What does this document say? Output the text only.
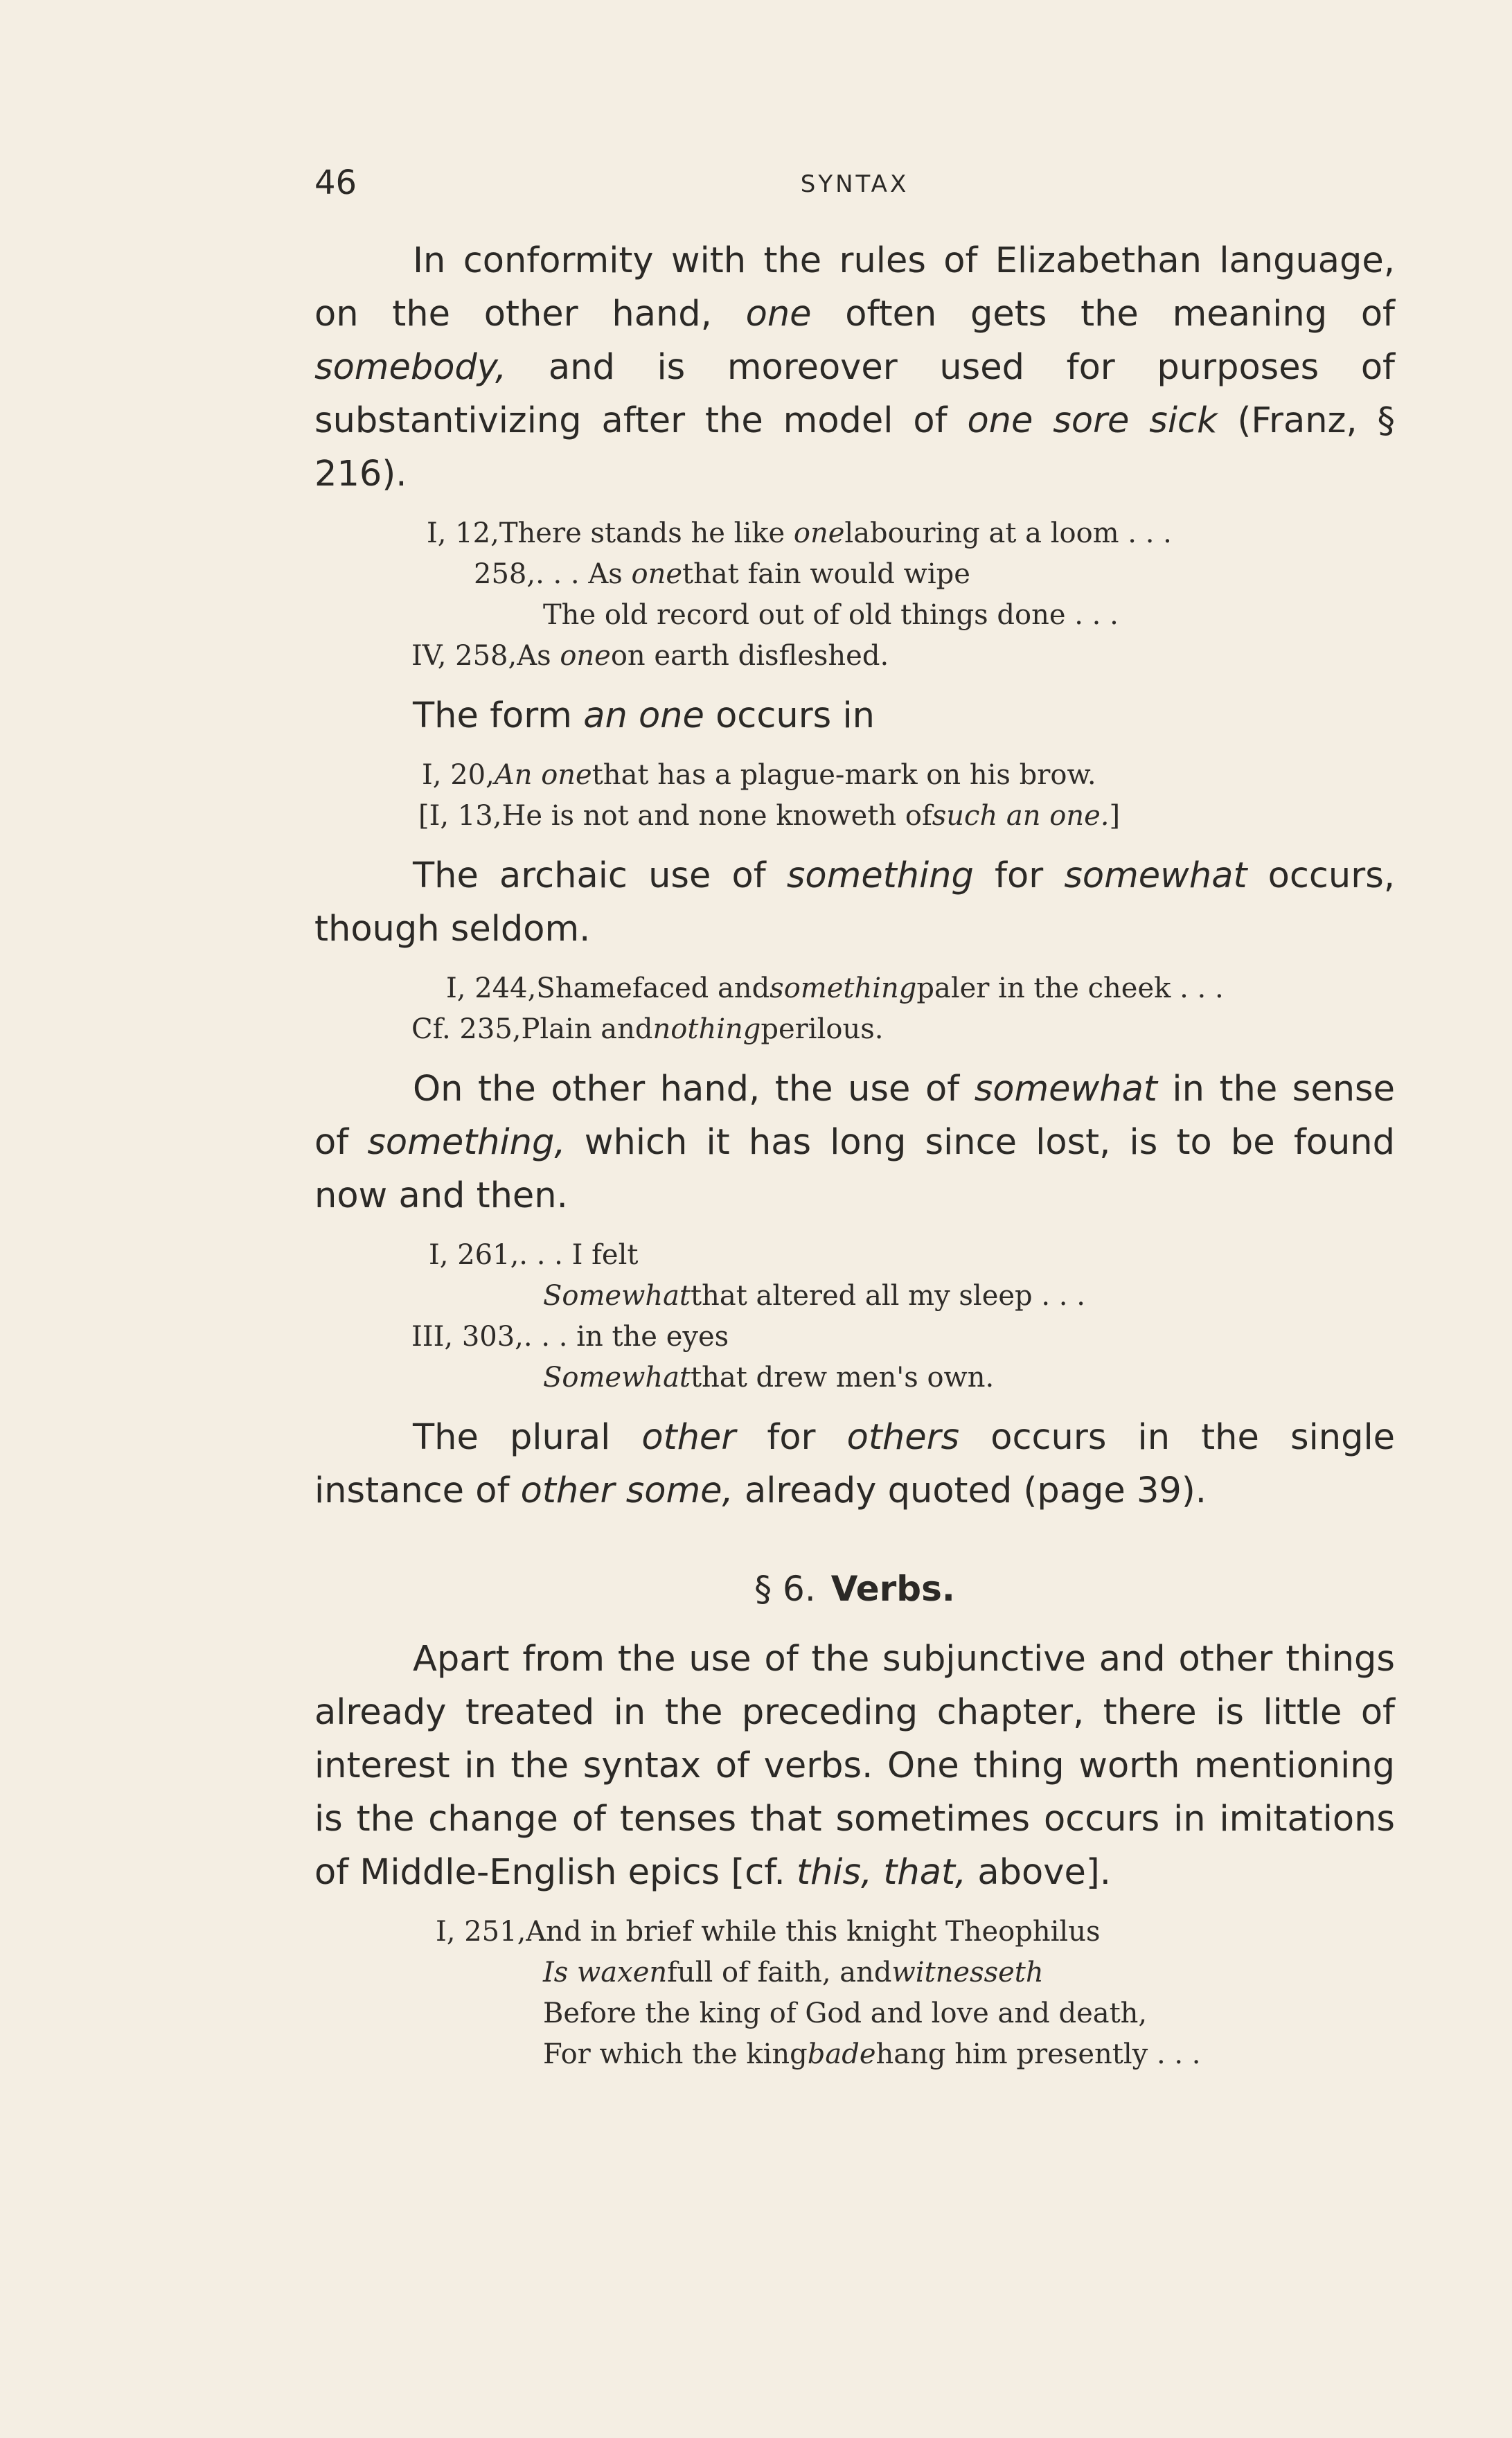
46	SYNTAX

In conformity with the rules of Elizabethan language, on the other hand, one often gets the meaning of somebody, and is moreover used for purposes of substantivizing after the model of one sore sick (Franz, § 216).

I, 12, There stands he like
one labouring at a loom . . .
258, . . . As
one that fain would wipe
The old record out of old things done . . .
IV, 258, As
one on earth disfleshed.

The form an one occurs in

I, 20, An one that has a plague-mark on his brow.
[I, 13, He is not and none knoweth of such an one. ]

The archaic use of something for somewhat occurs, though seldom.

I, 244, Shamefaced and something paler in the cheek . . .
Cf. 235, Plain and nothing perilous.

On the other hand, the use of somewhat in the sense of something, which it has long since lost, is to be found now and then.

I, 261, . . . I felt
Somewhat that altered all my sleep . . .
III, 303, . . . in the eyes
Somewhat that drew men's own.

The plural other for others occurs in the single instance of other some, already quoted (page 39).

§ 6. Verbs.

Apart from the use of the subjunctive and other things already treated in the preceding chapter, there is little of interest in the syntax of verbs. One thing worth mentioning is the change of tenses that sometimes occurs in imitations of Middle-English epics [cf. this, that, above].

I, 251, And in brief while this knight Theophilus
Is waxen full of faith, and witnesseth
Before the king of God and love and death,
For which the king bade hang him presently . . .
